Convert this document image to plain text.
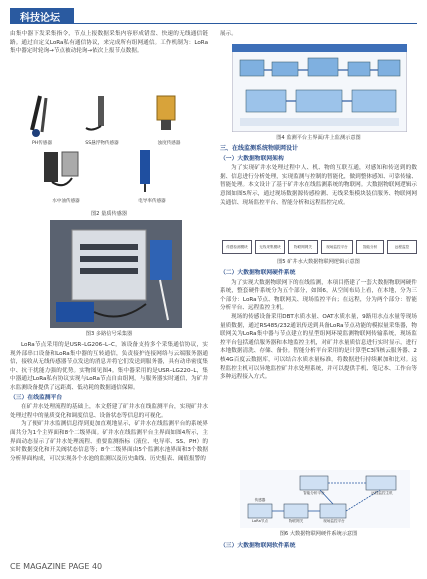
科技论坛

由集中器下发采集指令，节点上报数据采集内容形成错盘、快速的无线通信链路。通过自定义LoRa私有通信协议，来完成所有组网通信。工作机制为：LoRa集中器定时轮询→节点被动轮询→依次上报节点数据。

PH传感器	SS悬浮物传感器	浊度传感器
水中油传感器	电导率传感器
图2 量质传感器
图3 多路信号采集器

LoRa节点采用的是USR–LG206–L–C，该设备支持多个采集通信协议，实现外部串口设备和LoRa集中器的互转通信，负责接护连接网络与云端服务器通信，接收从无线传感器节点发送的消息并将它们发送到服务器，具有动串密度集中、抗干扰能力强的优势。实物图见图4。集中器采用的是USR–LG220–L，集中器通过LoRa私有协议实现与LoRa节点自由组网，与服务器实时通信，为矿井水监测设备提供了远距离、低功耗的数据通信保障。

（三）在线监测平台

在矿井水处理流程的基础上，本文搭建了矿井水在线监测平台，实现矿井水处理过程中的量质变化和调度信息、设备状态等信息的可视化。

为了便矿井水监测信息得到更加直观地显示，矿井水在线监测平台的系统界面共分为1个主界面和8个二级界面。矿井水在线监测平台主界面如图4所示，主界面动态显示了矿井水处理流程、重要监测指标（液位、电导率、SS、PH）的实时数据变化和开关阀状态信息等；8个二级界面由5个监测水池界面和3个数据分析界面构成，可以实现各个水池的监测以及历史曲线、历史报表、阈值报警的

展示。

图4 监测平台主界面/井上监测示意图
三、在线监测系统物联网设计
（一）大数据物联网架构

为了实现矿井水处理过程中人、机、物的互联互通，对感知和传送到的数据、信息进行分析处理，实现监测与控制的智能化，做到整体感知、可靠传输、智能处理。本文设计了基于矿井水在线监测系统的物联网。大数据物联网逻辑示意图如图5所示，通过现场数据源传感检测、无线采集模块装信服务、物联网网关通信、现场监控平台、智能分析和远程监控完成。

传感检测模块	无线采集模块	物联网网关	现场监控平台	智能分析	远程监控
图5 矿井水大数据物联网逻辑示意图
（二）大数据物联网硬件系统

为了实现大数据物联网下的在线监测，本项目搭建了一套大数据物联网硬件系统，整套硬件系统分为五个部分，如图6，从空间布局上看，在本地，分为三个部分：LoRa节点、物联网关、现场监控平台；在远程，分为两个部分：智能分析平台、远程监控主机。

现场的传感设备采用DBT水质水量、OAT水质水量，9路用水点水量等现场量质数据，通过RS485/232通讯传送到具备LoRa节点功能的模拟量采集器，物联网关为LoRa集中器与节点建立的星型组网环境监测物联网传输系统，现场监控平台包括通信服务器和本地监控主机，对矿井水量质信息进行实时显示，进行本地数据清洗、存储、备份。智能分析平台采用的是计算型C3四核云服务器、2核4G百度云数据库，可以结合水质水量标准，将数据进行持续累加和比对。远程监控主机可以异地监控矿井水处理系统，并可以提供手机、笔记本、工作台等多种远程接入方式。

LoRa节点	物联网关	现场监控平台
智能分析平台	远程监控主机
传感器
图6 大数据物联网硬件系统示意图
（三）大数据物联网软件系统
CE MAGAZINE PAGE 40
